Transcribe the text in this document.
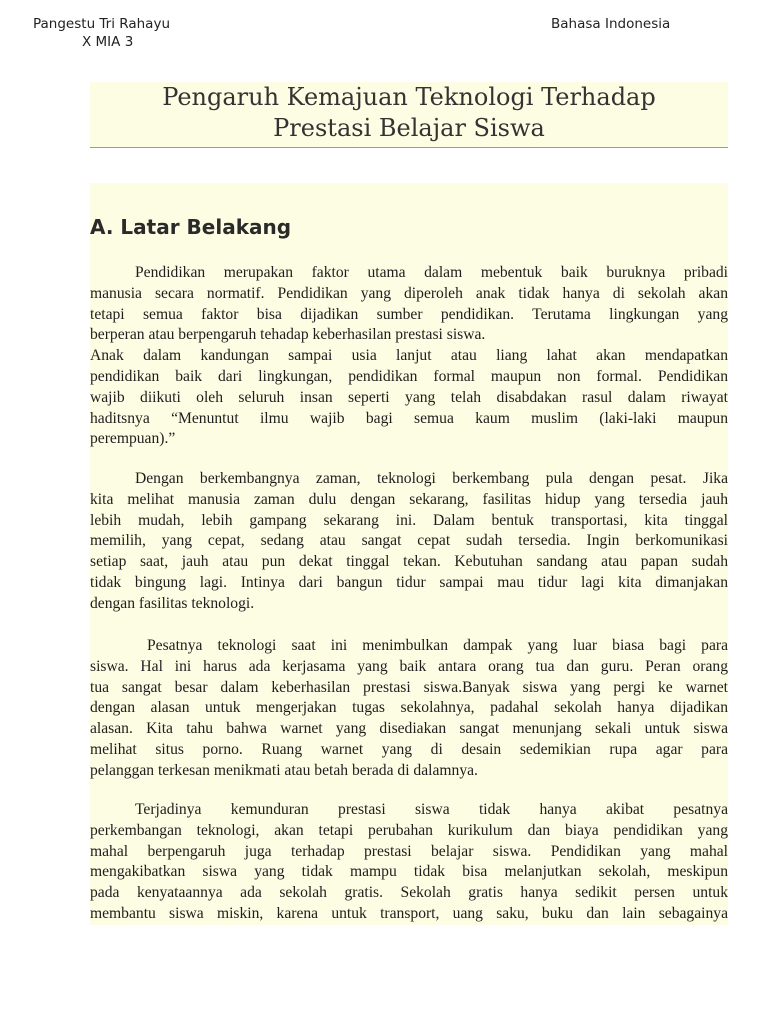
Pangestu Tri Rahayu
X MIA 3
Bahasa Indonesia
Pengaruh Kemajuan Teknologi Terhadap
Prestasi Belajar Siswa
A. Latar Belakang
Pendidikan merupakan faktor utama dalam mebentuk baik buruknya pribadi
manusia secara normatif. Pendidikan yang diperoleh anak tidak hanya di sekolah akan
tetapi semua faktor bisa dijadikan sumber pendidikan. Terutama lingkungan yang
berperan atau berpengaruh tehadap keberhasilan prestasi siswa.
Anak dalam kandungan sampai usia lanjut atau liang lahat akan mendapatkan
pendidikan baik dari lingkungan, pendidikan formal maupun non formal. Pendidikan
wajib diikuti oleh seluruh insan seperti yang telah disabdakan rasul dalam riwayat
haditsnya “Menuntut ilmu wajib bagi semua kaum muslim (laki-laki maupun
perempuan).”
Dengan berkembangnya zaman, teknologi berkembang pula dengan pesat. Jika
kita melihat manusia zaman dulu dengan sekarang, fasilitas hidup yang tersedia jauh
lebih mudah, lebih gampang sekarang ini. Dalam bentuk transportasi, kita tinggal
memilih, yang cepat, sedang atau sangat cepat sudah tersedia. Ingin berkomunikasi
setiap saat, jauh atau pun dekat tinggal tekan. Kebutuhan sandang atau papan sudah
tidak bingung lagi. Intinya dari bangun tidur sampai mau tidur lagi kita dimanjakan
dengan fasilitas teknologi.
Pesatnya teknologi saat ini menimbulkan dampak yang luar biasa bagi para
siswa. Hal ini harus ada kerjasama yang baik antara orang tua dan guru. Peran orang
tua sangat besar dalam keberhasilan prestasi siswa.Banyak siswa yang pergi ke warnet
dengan alasan untuk mengerjakan tugas sekolahnya, padahal sekolah hanya dijadikan
alasan. Kita tahu bahwa warnet yang disediakan sangat menunjang sekali untuk siswa
melihat situs porno. Ruang warnet yang di desain sedemikian rupa agar para
pelanggan terkesan menikmati atau betah berada di dalamnya.
Terjadinya kemunduran prestasi siswa tidak hanya akibat pesatnya
perkembangan teknologi, akan tetapi perubahan kurikulum dan biaya pendidikan yang
mahal berpengaruh juga terhadap prestasi belajar siswa. Pendidikan yang mahal
mengakibatkan siswa yang tidak mampu tidak bisa melanjutkan sekolah, meskipun
pada kenyataannya ada sekolah gratis. Sekolah gratis hanya sedikit persen untuk
membantu siswa miskin, karena untuk transport, uang saku, buku dan lain sebagainya
